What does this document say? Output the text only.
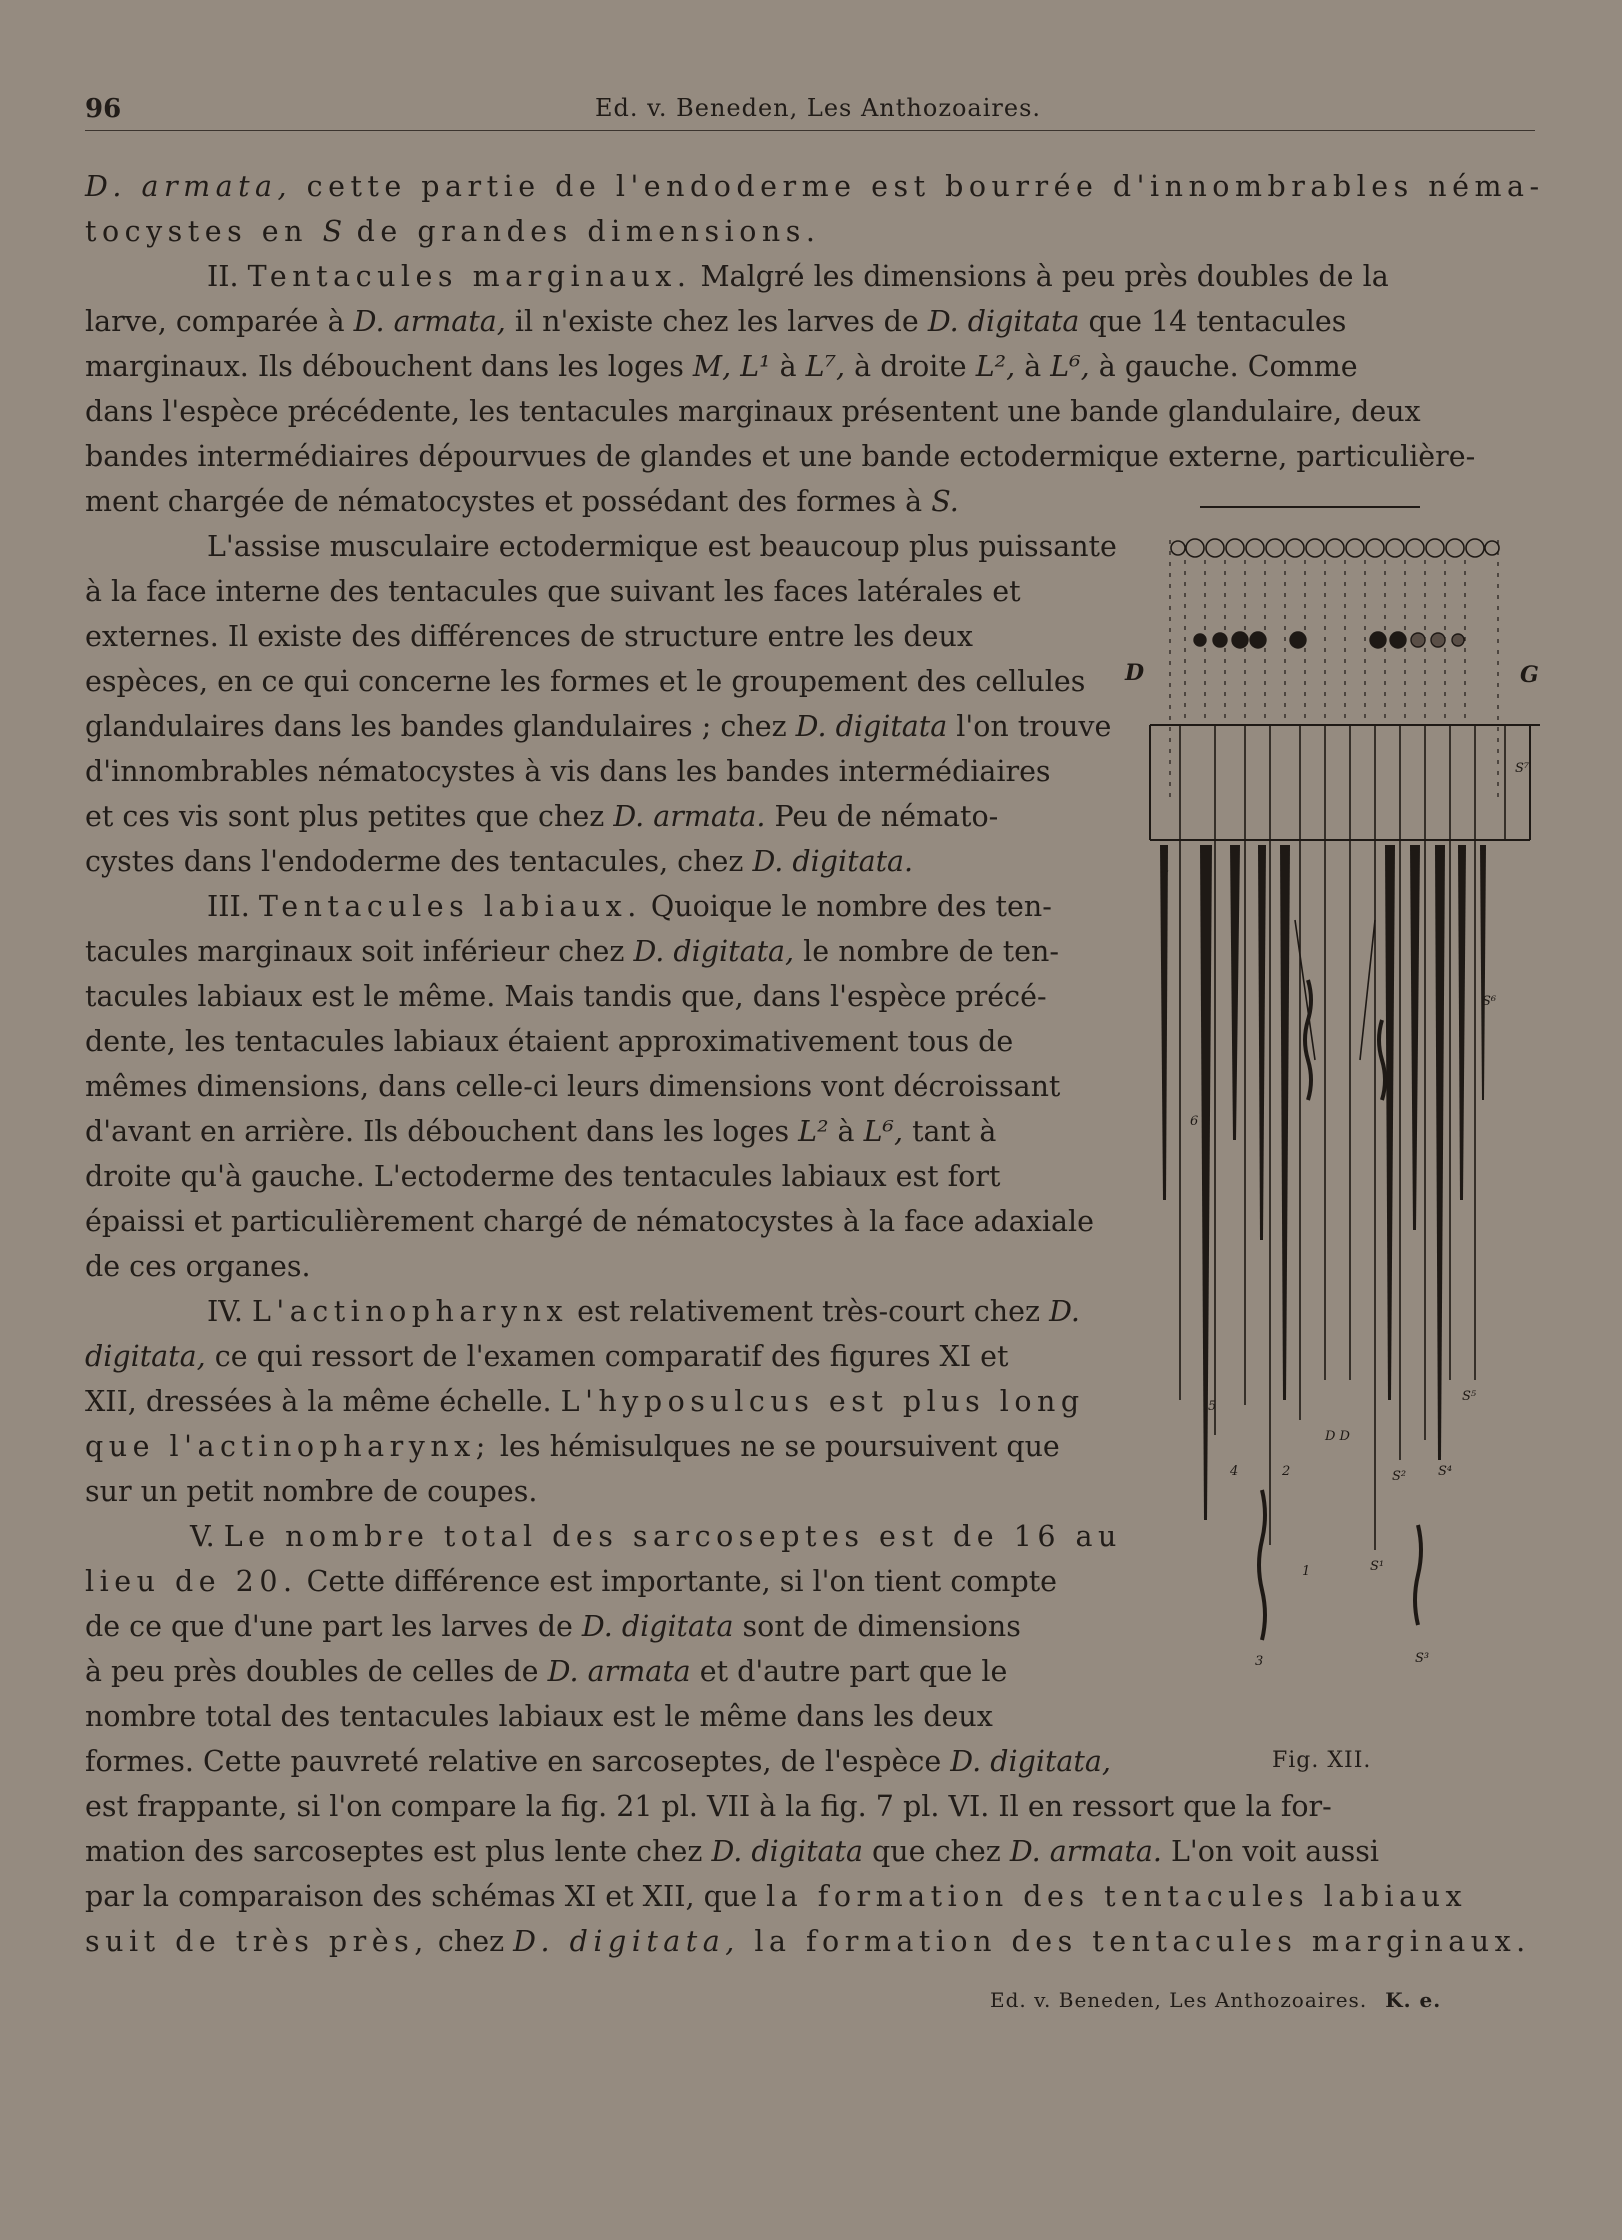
96	Ed. v. Beneden, Les Anthozoaires.
D. armata, cette partie de l'endoderme est bourrée d'innombrables néma-
tocystes en S de grandes dimensions.
II. Tentacules marginaux. Malgré les dimensions à peu près doubles de la
larve, comparée à D. armata, il n'existe chez les larves de D. digitata que 14 tentacules
marginaux. Ils débouchent dans les loges M, L¹ à L⁷, à droite L², à L⁶, à gauche. Comme
dans l'espèce précédente, les tentacules marginaux présentent une bande glandulaire, deux
bandes intermédiaires dépourvues de glandes et une bande ectodermique externe, particulière-
ment chargée de nématocystes et possédant des formes à S.
L'assise musculaire ectodermique est beaucoup plus puissante
à la face interne des tentacules que suivant les faces latérales et
externes. Il existe des différences de structure entre les deux
espèces, en ce qui concerne les formes et le groupement des cellules
glandulaires dans les bandes glandulaires ; chez D. digitata l'on trouve
d'innombrables nématocystes à vis dans les bandes intermédiaires
et ces vis sont plus petites que chez D. armata. Peu de némato-
cystes dans l'endoderme des tentacules, chez D. digitata.
III. Tentacules labiaux. Quoique le nombre des ten-
tacules marginaux soit inférieur chez D. digitata, le nombre de ten-
tacules labiaux est le même. Mais tandis que, dans l'espèce précé-
dente, les tentacules labiaux étaient approximativement tous de
mêmes dimensions, dans celle-ci leurs dimensions vont décroissant
d'avant en arrière. Ils débouchent dans les loges L² à L⁶, tant à
droite qu'à gauche. L'ectoderme des tentacules labiaux est fort
épaissi et particulièrement chargé de nématocystes à la face adaxiale
de ces organes.
IV. L'actinopharynx est relativement très-court chez D.
digitata, ce qui ressort de l'examen comparatif des figures XI et
XII, dressées à la même échelle. L'hyposulcus est plus long
que l'actinopharynx; les hémisulques ne se poursuivent que
sur un petit nombre de coupes.
V. Le nombre total des sarcoseptes est de 16 au
lieu de 20. Cette différence est importante, si l'on tient compte
de ce que d'une part les larves de D. digitata sont de dimensions
à peu près doubles de celles de D. armata et d'autre part que le
nombre total des tentacules labiaux est le même dans les deux
formes. Cette pauvreté relative en sarcoseptes, de l'espèce D. digitata,
est frappante, si l'on compare la fig. 21 pl. VII à la fig. 7 pl. VI. Il en ressort que la for-
mation des sarcoseptes est plus lente chez D. digitata que chez D. armata. L'on voit aussi
par la comparaison des schémas XI et XII, que la formation des tentacules labiaux
suit de très près, chez D. digitata, la formation des tentacules marginaux.
D	G
S⁷
S⁶
S⁵
S⁴
S³
S²
S¹
7
6
5
4
3
2
1
D D
Fig. XII.
Ed. v. Beneden, Les Anthozoaires. K. e.
